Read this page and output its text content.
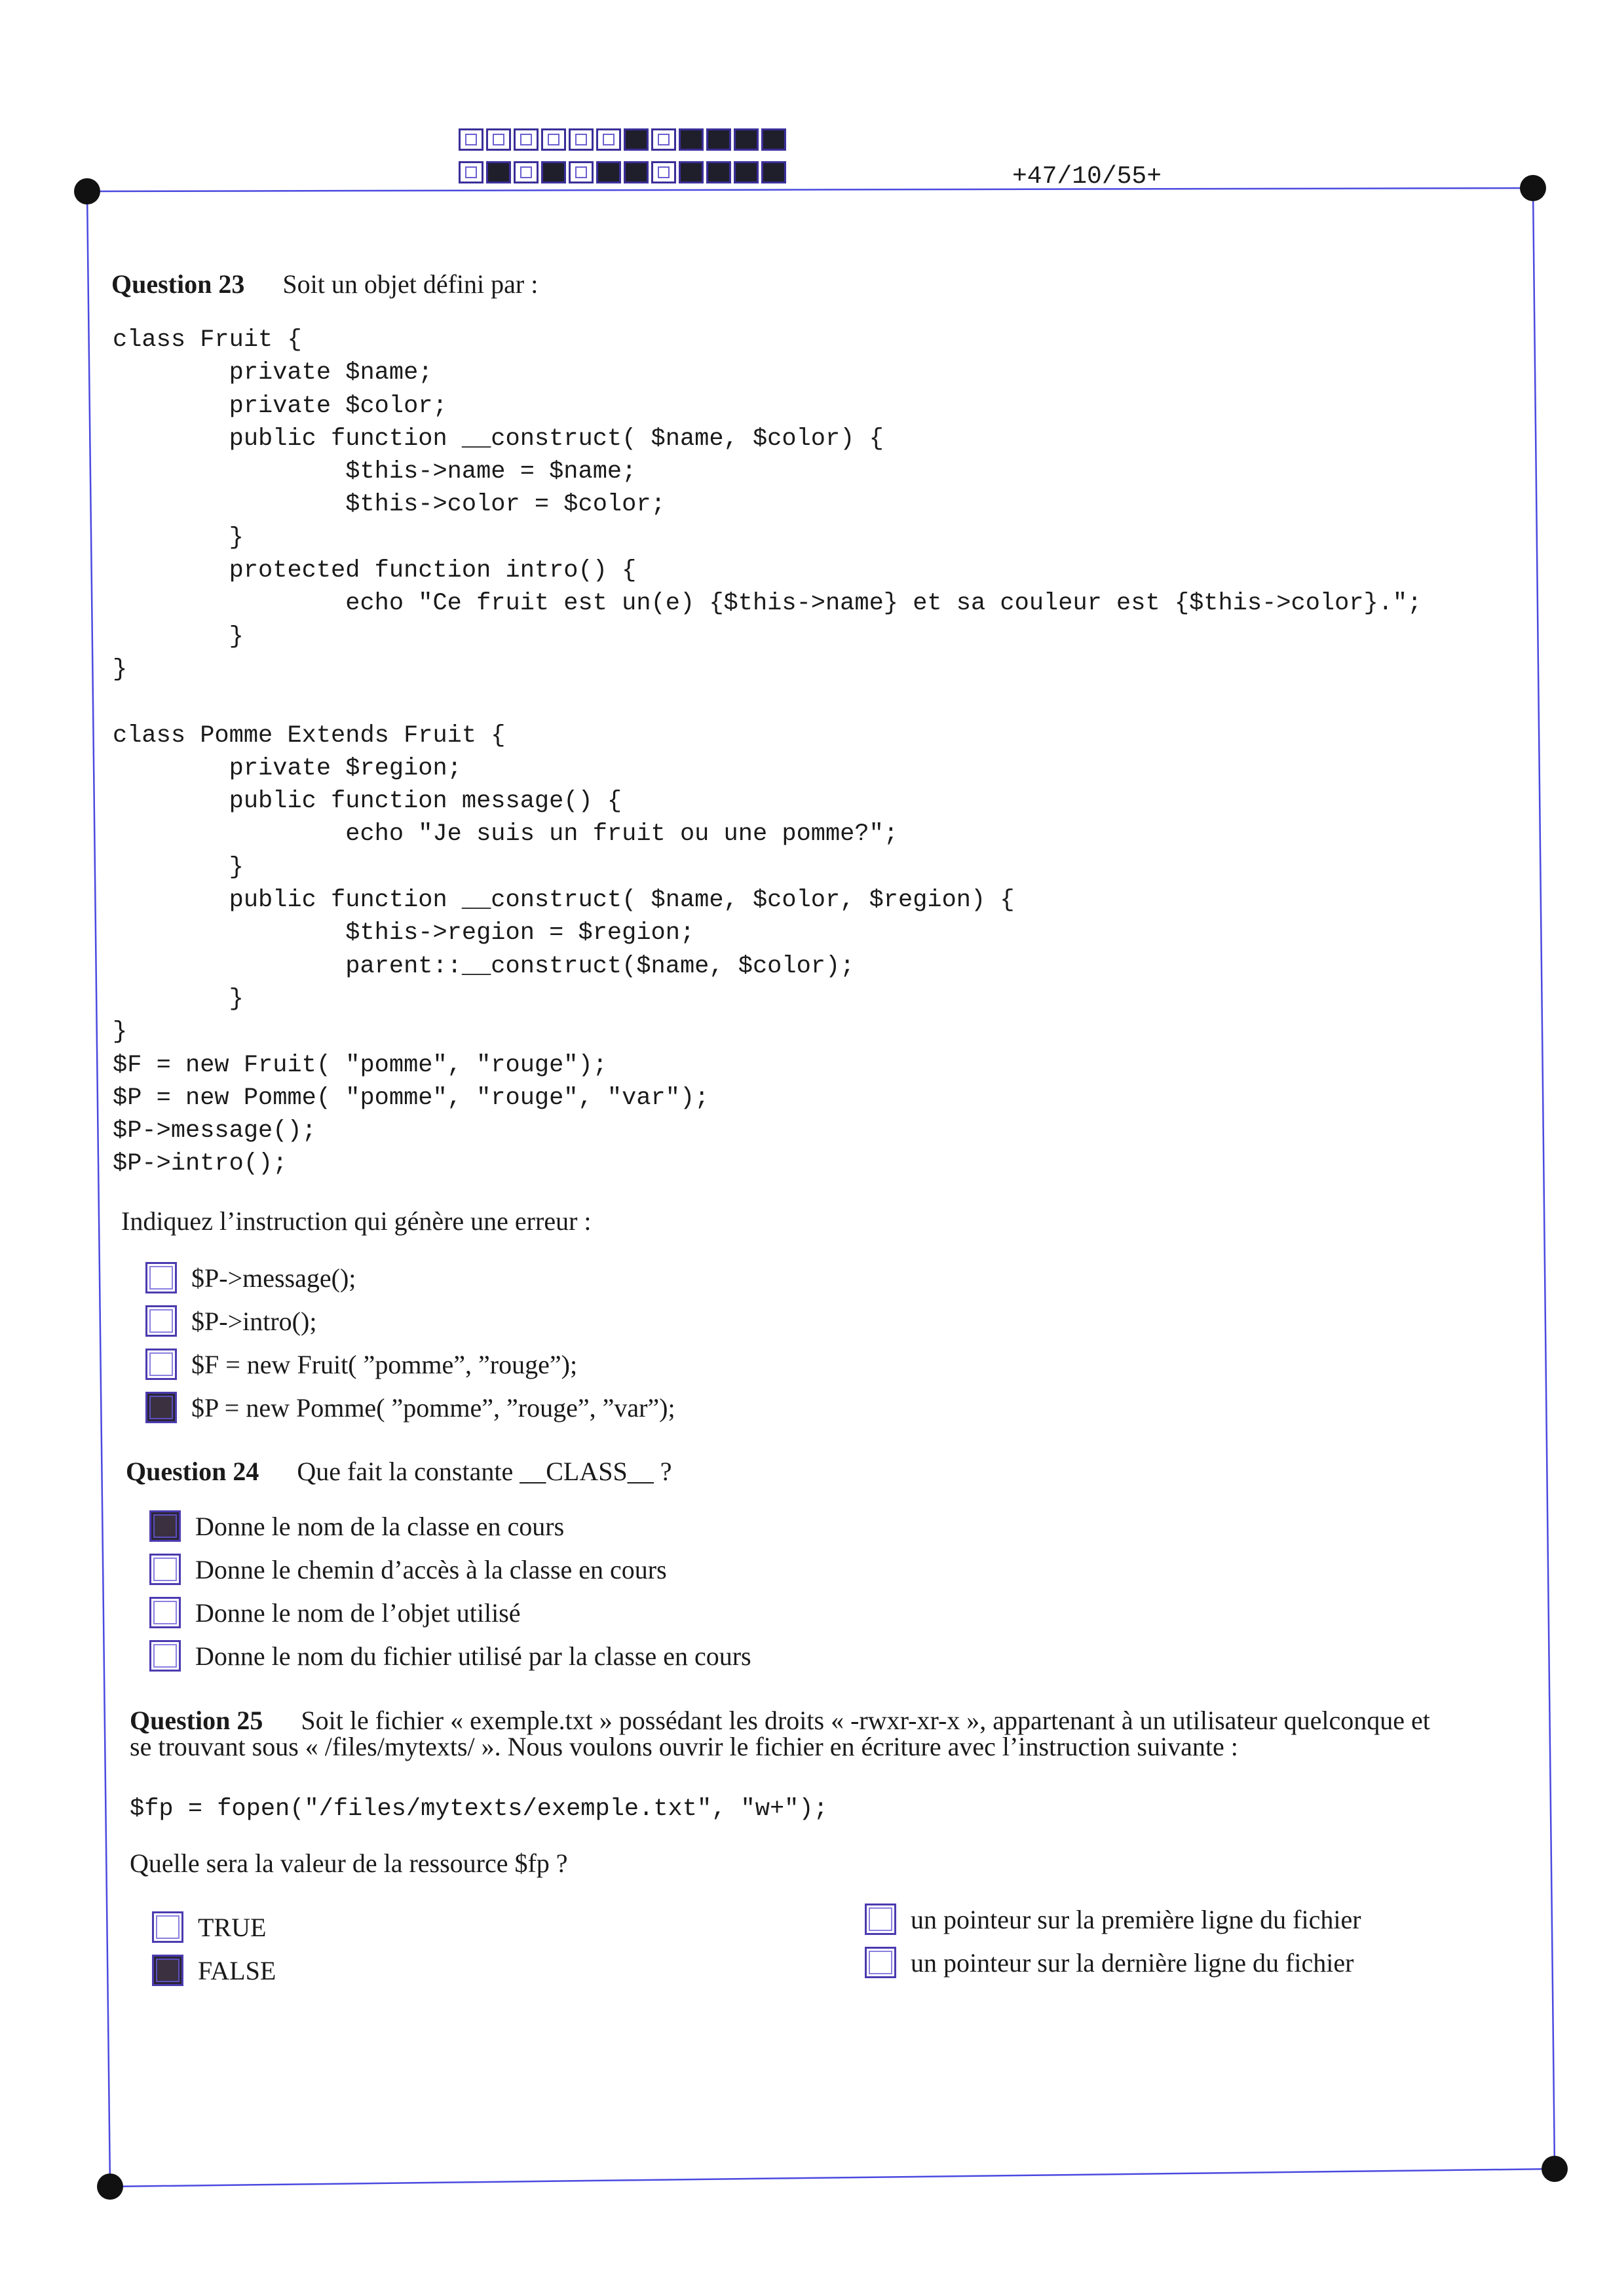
+47/10/55+
Question 23 Soit un objet défini par :
class Fruit {
private $name;
private $color;
public function __construct( $name, $color) {
$this->name = $name;
$this->color = $color;
}
protected function intro() {
echo "Ce fruit est un(e) {$this->name} et sa couleur est {$this->color}.";
}
}

class Pomme Extends Fruit {
private $region;
public function message() {
echo "Je suis un fruit ou une pomme?";
}
public function __construct( $name, $color, $region) {
$this->region = $region;
parent::__construct($name, $color);
}
}
$F = new Fruit( "pomme", "rouge");
$P = new Pomme( "pomme", "rouge", "var");
$P->message();
$P->intro();
Indiquez l’instruction qui génère une erreur :
$P->message();
$P->intro();
$F = new Fruit( ”pomme”, ”rouge”);
$P = new Pomme( ”pomme”, ”rouge”, ”var”);
Question 24 Que fait la constante __CLASS__ ?
Donne le nom de la classe en cours
Donne le chemin d’accès à la classe en cours
Donne le nom de l’objet utilisé
Donne le nom du fichier utilisé par la classe en cours
Question 25 Soit le fichier « exemple.txt » possédant les droits « -rwxr-xr-x », appartenant à un utilisateur quelconque et
se trouvant sous « /files/mytexts/ ». Nous voulons ouvrir le fichier en écriture avec l’instruction suivante :
$fp = fopen("/files/mytexts/exemple.txt", "w+");
Quelle sera la valeur de la ressource $fp ?
TRUE
FALSE
un pointeur sur la première ligne du fichier
un pointeur sur la dernière ligne du fichier
